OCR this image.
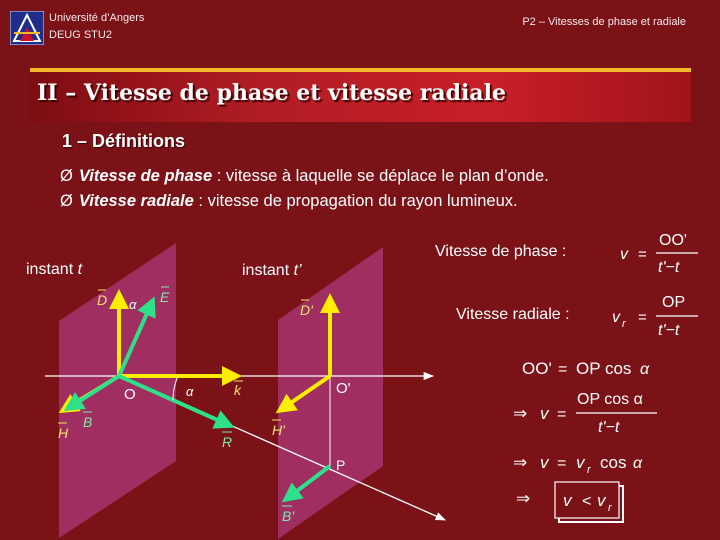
Université d’Angers
DEUG STU2
P2 – Vitesses de phase et radiale
II – Vitesse de phase et vitesse radiale
1 – Définitions
Ø Vitesse de phase : vitesse à laquelle se déplace le plan d’onde.
Ø Vitesse radiale : vitesse de propagation du rayon lumineux.
instant t	instant t’
D	E
α
H
B
O	α	k
R
D'
O'
H'
P
B'
Vitesse de phase :	v =
OO'
t'−t
Vitesse radiale :	v r =
OP
t'−t
OO' = OP cos α
⇒ v =
OP cos α
t'−t
⇒ v = v r cos α
⇒ v < v r
